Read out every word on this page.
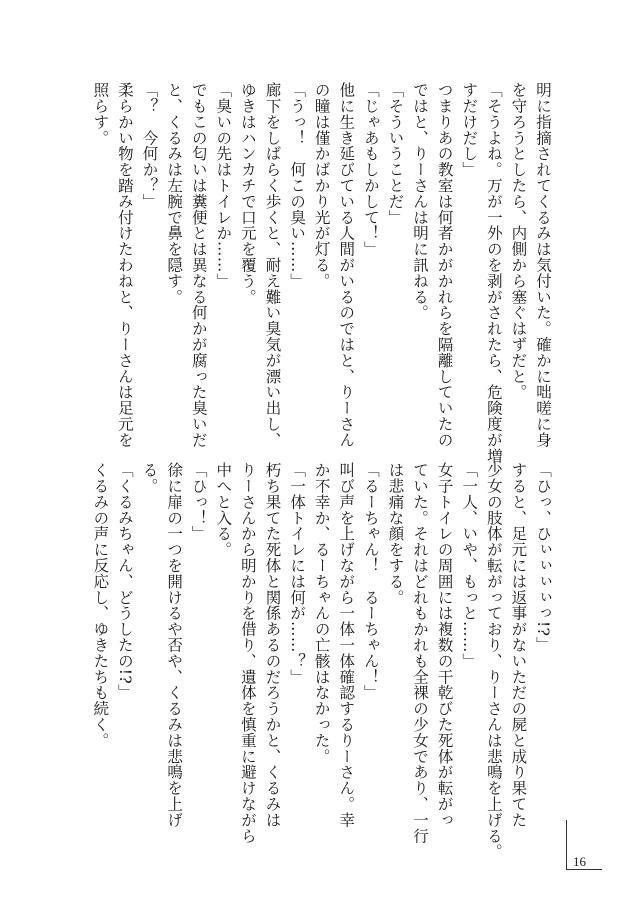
明に指摘されてくるみは気付いた。確かに咄嗟に身
を守ろうとしたら、内側から塞ぐはずだと。
「そうよね。万が一外のを剥がされたら、危険度が増
すだけだし」
つまりあの教室は何者かがかれらを隔離していたの
ではと、りーさんは明に訊ねる。
「そういうことだ」
「じゃあもしかして！」
他に生き延びている人間がいるのではと、りーさん
の瞳は僅かばかり光が灯る。
「うっ！　何この臭い……」
廊下をしばらく歩くと、耐え難い臭気が漂い出し、
ゆきはハンカチで口元を覆う。
「臭いの先はトイレか……」
でもこの匂いは糞便とは異なる何かが腐った臭いだ
と、くるみは左腕で鼻を隠す。
「？　今何か？」
柔らかい物を踏み付けたわねと、りーさんは足元を
照らす。
「ひっ、ひぃぃぃぃっ!?」
すると、足元には返事がないただの屍と成り果てた
少女の肢体が転がっており、りーさんは悲鳴を上げる。
「一人、いや、もっと……」
女子トイレの周囲には複数の干乾びた死体が転がっ
ていた。それはどれもかれも全裸の少女であり、一行
は悲痛な顔をする。
「るーちゃん！　るーちゃん！」
叫び声を上げながら一体一体確認するりーさん。幸
か不幸か、るーちゃんの亡骸はなかった。
「一体トイレには何が……？」
朽ち果てた死体と関係あるのだろうかと、くるみは
りーさんから明かりを借り、遺体を慎重に避けながら
中へと入る。
「ひっ！」
徐に扉の一つを開けるや否や、くるみは悲鳴を上げ
る。
「くるみちゃん、どうしたの!?」
くるみの声に反応し、ゆきたちも続く。
16
